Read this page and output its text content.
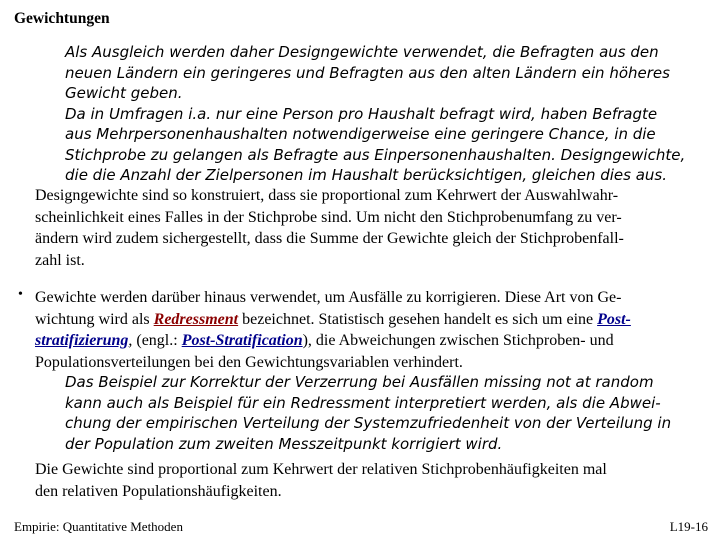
Gewichtungen
Als Ausgleich werden daher Designgewichte verwendet, die Befragten aus den
neuen Ländern ein geringeres und Befragten aus den alten Ländern ein höheres
Gewicht geben.
Da in Umfragen i.a. nur eine Person pro Haushalt befragt wird, haben Befragte
aus Mehrpersonenhaushalten notwendigerweise eine geringere Chance, in die
Stichprobe zu gelangen als Befragte aus Einpersonenhaushalten. Designgewichte,
die die Anzahl der Zielpersonen im Haushalt berücksichtigen, gleichen dies aus.
Designgewichte sind so konstruiert, dass sie proportional zum Kehrwert der Auswahlwahr-
scheinlichkeit eines Falles in der Stichprobe sind. Um nicht den Stichprobenumfang zu ver-
ändern wird zudem sichergestellt, dass die Summe der Gewichte gleich der Stichprobenfall-
zahl ist.
• Gewichte werden darüber hinaus verwendet, um Ausfälle zu korrigieren. Diese Art von Ge-
wichtung wird als Redressment bezeichnet. Statistisch gesehen handelt es sich um eine Post-
stratifizierung, (engl.: Post-Stratification), die Abweichungen zwischen Stichproben- und
Populationsverteilungen bei den Gewichtungsvariablen verhindert.
Das Beispiel zur Korrektur der Verzerrung bei Ausfällen missing not at random
kann auch als Beispiel für ein Redressment interpretiert werden, als die Abwei-
chung der empirischen Verteilung der Systemzufriedenheit von der Verteilung in
der Population zum zweiten Messzeitpunkt korrigiert wird.
Die Gewichte sind proportional zum Kehrwert der relativen Stichprobenhäufigkeiten mal
den relativen Populationshäufigkeiten.
Empirie: Quantitative Methoden	L19-16
